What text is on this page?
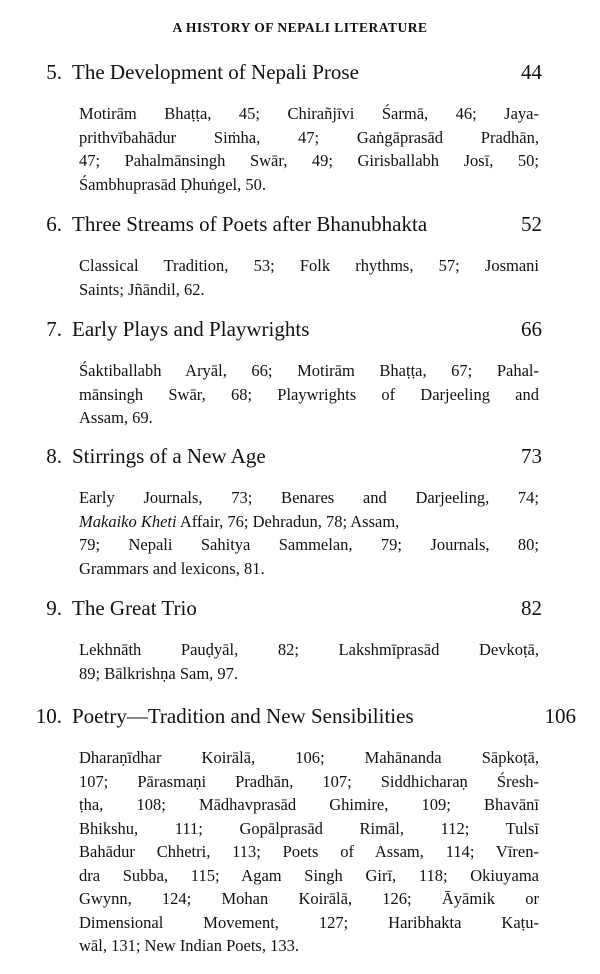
A HISTORY OF NEPALI LITERATURE
5. The Development of Nepali Prose	44
Motirām Bhaṭṭa, 45; Chirañjīvi Śarmā, 46; Jaya-
prithvībahādur Siṁha, 47; Gaṅgāprasād Pradhān,
47; Pahalmānsingh Swār, 49; Girisballabh Josī, 50;
Śambhuprasād Ḍhuṅgel, 50.
6. Three Streams of Poets after Bhanubhakta	52
Classical Tradition, 53; Folk rhythms, 57; Josmani
Saints; Jñāndil, 62.
7. Early Plays and Playwrights	66
Śaktiballabh Aryāl, 66; Motirām Bhaṭṭa, 67; Pahal-
mānsingh Swār, 68; Playwrights of Darjeeling and
Assam, 69.
8. Stirrings of a New Age	73
Early Journals, 73; Benares and Darjeeling, 74;
Makaiko Kheti Affair, 76; Dehradun, 78; Assam,
79; Nepali Sahitya Sammelan, 79; Journals, 80;
Grammars and lexicons, 81.
9. The Great Trio	82
Lekhnāth Pauḍyāl, 82; Lakshmīprasād Devkoṭā,
89; Bālkrishṇa Sam, 97.
10. Poetry—Tradition and New Sensibilities	106
Dharaṇīdhar Koirālā, 106; Mahānanda Sāpkoṭā,
107; Pārasmaṇi Pradhān, 107; Siddhicharaṇ Śresh-
ṭha, 108; Mādhavprasād Ghimire, 109; Bhavānī
Bhikshu, 111; Gopālprasād Rimāl, 112; Tulsī
Bahādur Chhetri, 113; Poets of Assam, 114; Vīren-
dra Subba, 115; Agam Singh Girī, 118; Okiuyama
Gwynn, 124; Mohan Koirālā, 126; Āyāmik or
Dimensional Movement, 127; Haribhakta Kaṭu-
wāl, 131; New Indian Poets, 133.
